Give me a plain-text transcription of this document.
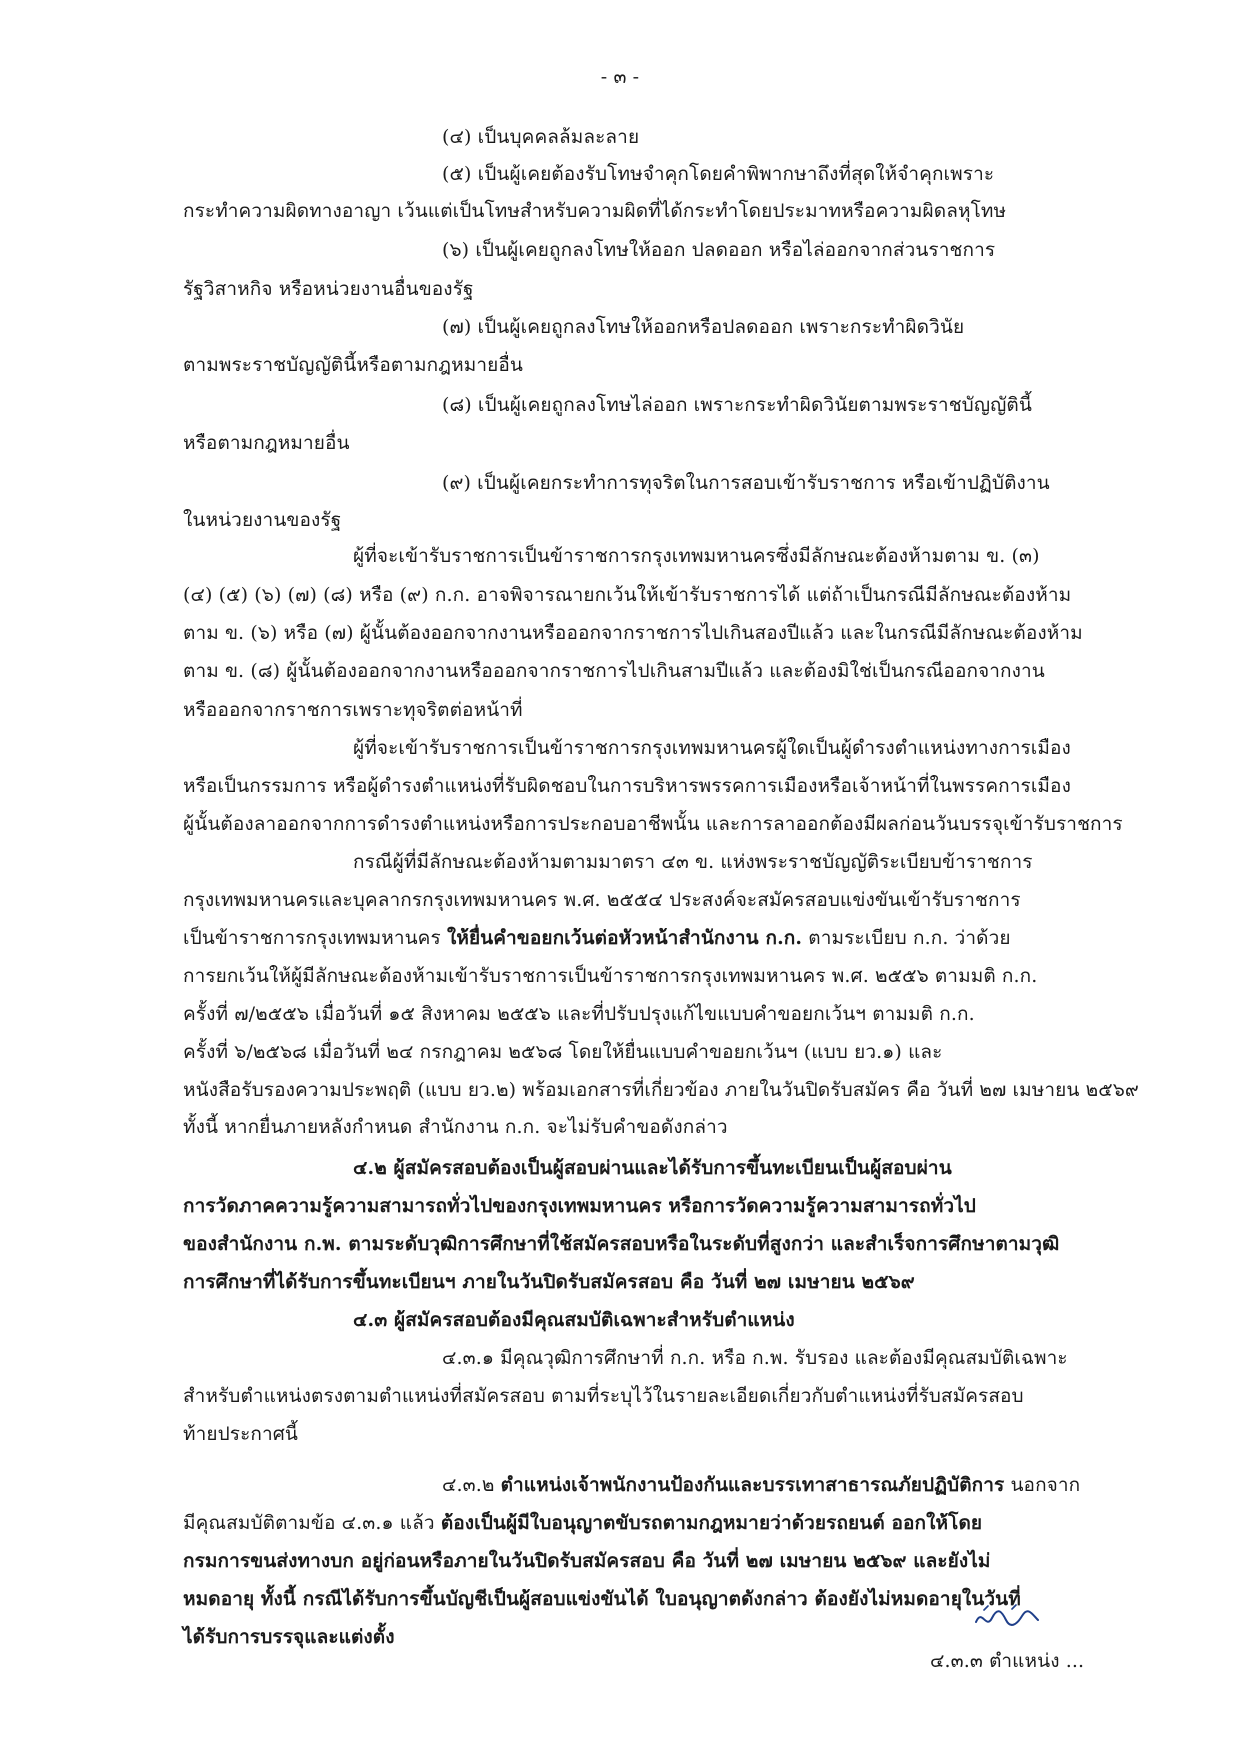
- ๓ -
(๔) เป็นบุคคลล้มละลาย
(๕) เป็นผู้เคยต้องรับโทษจำคุกโดยคำพิพากษาถึงที่สุดให้จำคุกเพราะ
กระทำความผิดทางอาญา เว้นแต่เป็นโทษสำหรับความผิดที่ได้กระทำโดยประมาทหรือความผิดลหุโทษ
(๖) เป็นผู้เคยถูกลงโทษให้ออก ปลดออก หรือไล่ออกจากส่วนราชการ
รัฐวิสาหกิจ หรือหน่วยงานอื่นของรัฐ
(๗) เป็นผู้เคยถูกลงโทษให้ออกหรือปลดออก เพราะกระทำผิดวินัย
ตามพระราชบัญญัตินี้หรือตามกฎหมายอื่น
(๘) เป็นผู้เคยถูกลงโทษไล่ออก เพราะกระทำผิดวินัยตามพระราชบัญญัตินี้
หรือตามกฎหมายอื่น
(๙) เป็นผู้เคยกระทำการทุจริตในการสอบเข้ารับราชการ หรือเข้าปฏิบัติงาน
ในหน่วยงานของรัฐ
ผู้ที่จะเข้ารับราชการเป็นข้าราชการกรุงเทพมหานครซึ่งมีลักษณะต้องห้ามตาม ข. (๓)
(๔) (๕) (๖) (๗) (๘) หรือ (๙) ก.ก. อาจพิจารณายกเว้นให้เข้ารับราชการได้ แต่ถ้าเป็นกรณีมีลักษณะต้องห้าม
ตาม ข. (๖) หรือ (๗) ผู้นั้นต้องออกจากงานหรือออกจากราชการไปเกินสองปีแล้ว และในกรณีมีลักษณะต้องห้าม
ตาม ข. (๘) ผู้นั้นต้องออกจากงานหรือออกจากราชการไปเกินสามปีแล้ว และต้องมิใช่เป็นกรณีออกจากงาน
หรือออกจากราชการเพราะทุจริตต่อหน้าที่
ผู้ที่จะเข้ารับราชการเป็นข้าราชการกรุงเทพมหานครผู้ใดเป็นผู้ดำรงตำแหน่งทางการเมือง
หรือเป็นกรรมการ หรือผู้ดำรงตำแหน่งที่รับผิดชอบในการบริหารพรรคการเมืองหรือเจ้าหน้าที่ในพรรคการเมือง
ผู้นั้นต้องลาออกจากการดำรงตำแหน่งหรือการประกอบอาชีพนั้น และการลาออกต้องมีผลก่อนวันบรรจุเข้ารับราชการ
กรณีผู้ที่มีลักษณะต้องห้ามตามมาตรา ๔๓ ข. แห่งพระราชบัญญัติระเบียบข้าราชการ
กรุงเทพมหานครและบุคลากรกรุงเทพมหานคร พ.ศ. ๒๕๕๔ ประสงค์จะสมัครสอบแข่งขันเข้ารับราชการ
เป็นข้าราชการกรุงเทพมหานคร ให้ยื่นคำขอยกเว้นต่อหัวหน้าสำนักงาน ก.ก. ตามระเบียบ ก.ก. ว่าด้วย
การยกเว้นให้ผู้มีลักษณะต้องห้ามเข้ารับราชการเป็นข้าราชการกรุงเทพมหานคร พ.ศ. ๒๕๕๖ ตามมติ ก.ก.
ครั้งที่ ๗/๒๕๕๖ เมื่อวันที่ ๑๕ สิงหาคม ๒๕๕๖ และที่ปรับปรุงแก้ไขแบบคำขอยกเว้นฯ ตามมติ ก.ก.
ครั้งที่ ๖/๒๕๖๘ เมื่อวันที่ ๒๔ กรกฎาคม ๒๕๖๘ โดยให้ยื่นแบบคำขอยกเว้นฯ (แบบ ยว.๑) และ
หนังสือรับรองความประพฤติ (แบบ ยว.๒) พร้อมเอกสารที่เกี่ยวข้อง ภายในวันปิดรับสมัคร คือ วันที่ ๒๗ เมษายน ๒๕๖๙
ทั้งนี้ หากยื่นภายหลังกำหนด สำนักงาน ก.ก. จะไม่รับคำขอดังกล่าว
๔.๒ ผู้สมัครสอบต้องเป็นผู้สอบผ่านและได้รับการขึ้นทะเบียนเป็นผู้สอบผ่าน
การวัดภาคความรู้ความสามารถทั่วไปของกรุงเทพมหานคร หรือการวัดความรู้ความสามารถทั่วไป
ของสำนักงาน ก.พ. ตามระดับวุฒิการศึกษาที่ใช้สมัครสอบหรือในระดับที่สูงกว่า และสำเร็จการศึกษาตามวุฒิ
การศึกษาที่ได้รับการขึ้นทะเบียนฯ ภายในวันปิดรับสมัครสอบ คือ วันที่ ๒๗ เมษายน ๒๕๖๙
๔.๓ ผู้สมัครสอบต้องมีคุณสมบัติเฉพาะสำหรับตำแหน่ง
๔.๓.๑ มีคุณวุฒิการศึกษาที่ ก.ก. หรือ ก.พ. รับรอง และต้องมีคุณสมบัติเฉพาะ
สำหรับตำแหน่งตรงตามตำแหน่งที่สมัครสอบ ตามที่ระบุไว้ในรายละเอียดเกี่ยวกับตำแหน่งที่รับสมัครสอบ
ท้ายประกาศนี้
๔.๓.๒ ตำแหน่งเจ้าพนักงานป้องกันและบรรเทาสาธารณภัยปฏิบัติการ นอกจาก
มีคุณสมบัติตามข้อ ๔.๓.๑ แล้ว ต้องเป็นผู้มีใบอนุญาตขับรถตามกฎหมายว่าด้วยรถยนต์ ออกให้โดย
กรมการขนส่งทางบก อยู่ก่อนหรือภายในวันปิดรับสมัครสอบ คือ วันที่ ๒๗ เมษายน ๒๕๖๙ และยังไม่
หมดอายุ ทั้งนี้ กรณีได้รับการขึ้นบัญชีเป็นผู้สอบแข่งขันได้ ใบอนุญาตดังกล่าว ต้องยังไม่หมดอายุในวันที่
ได้รับการบรรจุและแต่งตั้ง
๔.๓.๓ ตำแหน่ง ...
